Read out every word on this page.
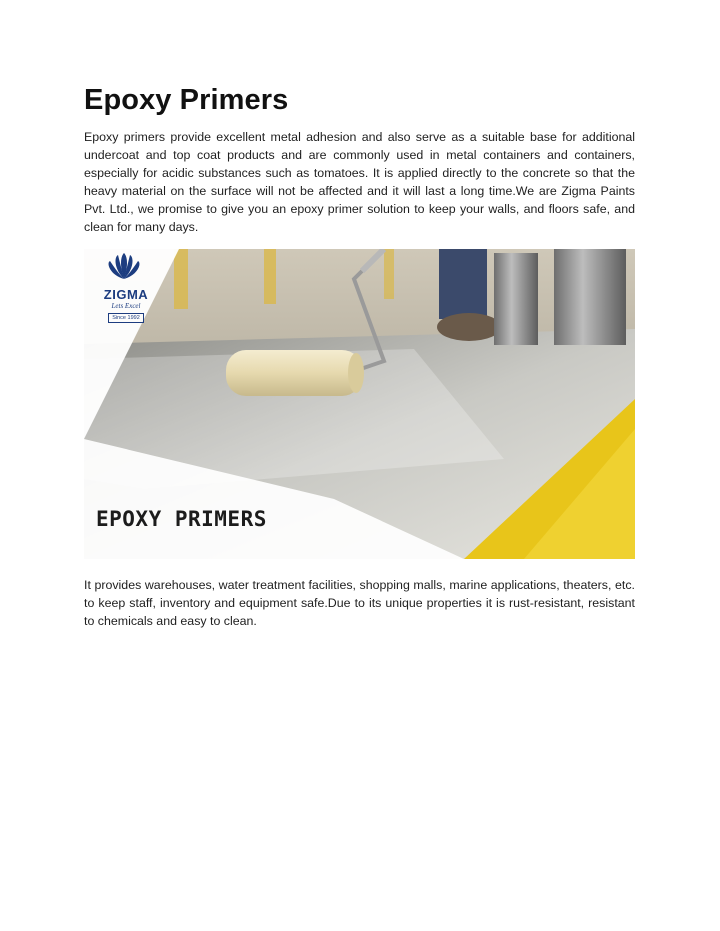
Epoxy Primers

Epoxy primers provide excellent metal adhesion and also serve as a suitable base for additional undercoat and top coat products and are commonly used in metal containers and containers, especially for acidic substances such as tomatoes. It is applied directly to the concrete so that the heavy material on the surface will not be affected and it will last a long time.We are Zigma Paints Pvt. Ltd., we promise to give you an epoxy primer solution to keep your walls, and floors safe, and clean for many days.

ZIGMA
Lets Excel
Since 1992
EPOXY PRIMERS

It provides warehouses, water treatment facilities, shopping malls, marine applications, theaters, etc. to keep staff, inventory and equipment safe.Due to its unique properties it is rust-resistant, resistant to chemicals and easy to clean.
